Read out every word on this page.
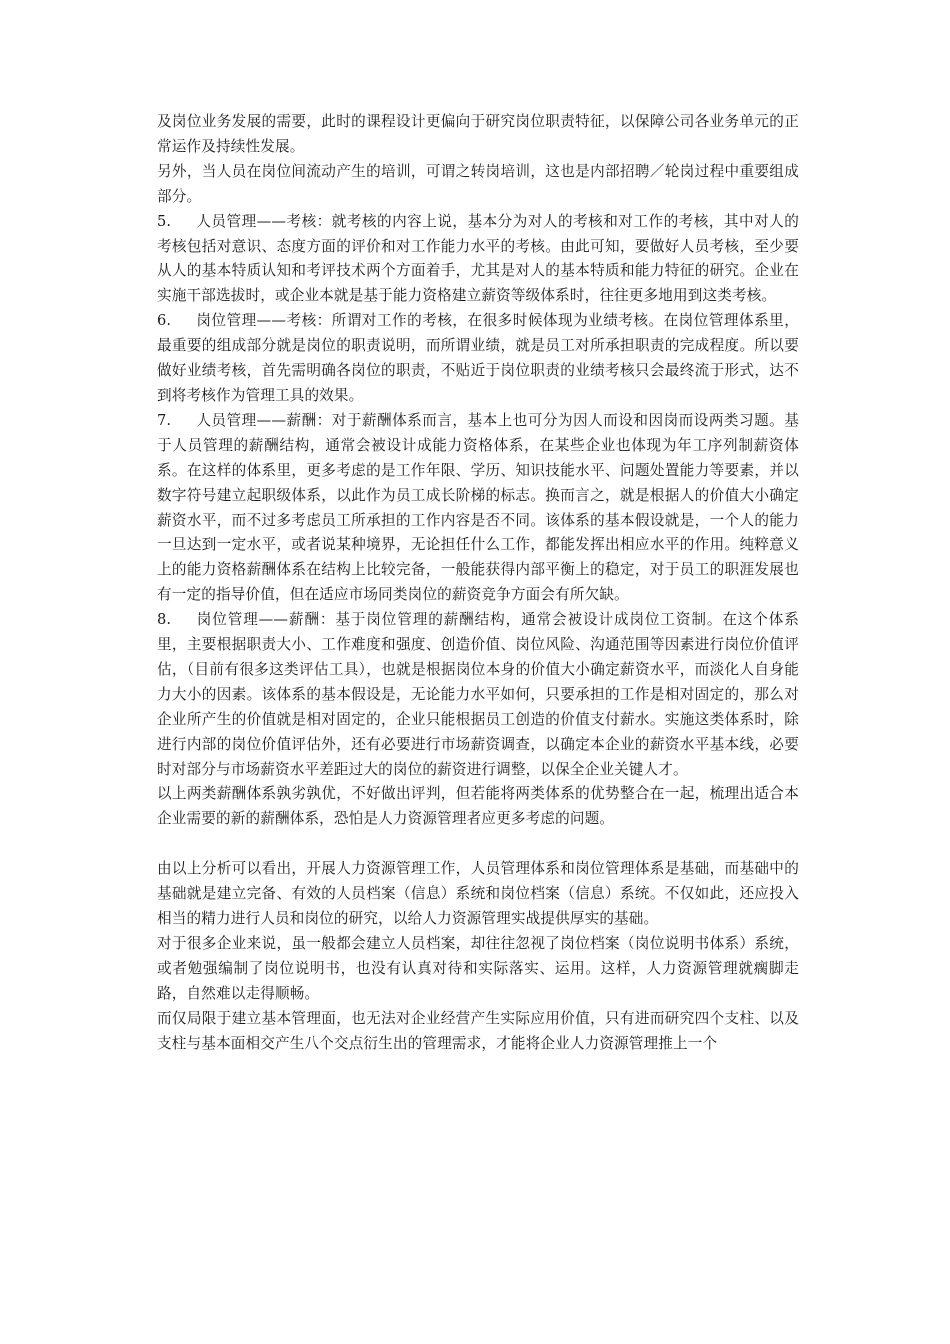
及岗位业务发展的需要，此时的课程设计更偏向于研究岗位职责特征，以保障公司各业务单元的正常运作及持续性发展。

另外，当人员在岗位间流动产生的培训，可谓之转岗培训，这也是内部招聘／轮岗过程中重要组成部分。

5. 人员管理——考核：就考核的内容上说，基本分为对人的考核和对工作的考核，其中对人的考核包括对意识、态度方面的评价和对工作能力水平的考核。由此可知，要做好人员考核，至少要从人的基本特质认知和考评技术两个方面着手，尤其是对人的基本特质和能力特征的研究。企业在实施干部选拔时，或企业本就是基于能力资格建立薪资等级体系时，往往更多地用到这类考核。

6. 岗位管理——考核：所谓对工作的考核，在很多时候体现为业绩考核。在岗位管理体系里，最重要的组成部分就是岗位的职责说明，而所谓业绩，就是员工对所承担职责的完成程度。所以要做好业绩考核，首先需明确各岗位的职责，不贴近于岗位职责的业绩考核只会最终流于形式，达不到将考核作为管理工具的效果。

7. 人员管理——薪酬：对于薪酬体系而言，基本上也可分为因人而设和因岗而设两类习题。基于人员管理的薪酬结构，通常会被设计成能力资格体系，在某些企业也体现为年工序列制薪资体系。在这样的体系里，更多考虑的是工作年限、学历、知识技能水平、问题处置能力等要素，并以数字符号建立起职级体系，以此作为员工成长阶梯的标志。换而言之，就是根据人的价值大小确定薪资水平，而不过多考虑员工所承担的工作内容是否不同。该体系的基本假设就是，一个人的能力一旦达到一定水平，或者说某种境界，无论担任什么工作，都能发挥出相应水平的作用。纯粹意义上的能力资格薪酬体系在结构上比较完备，一般能获得内部平衡上的稳定，对于员工的职涯发展也有一定的指导价值，但在适应市场同类岗位的薪资竞争方面会有所欠缺。

8. 岗位管理——薪酬：基于岗位管理的薪酬结构，通常会被设计成岗位工资制。在这个体系里，主要根据职责大小、工作难度和强度、创造价值、岗位风险、沟通范围等因素进行岗位价值评估，（目前有很多这类评估工具），也就是根据岗位本身的价值大小确定薪资水平，而淡化人自身能力大小的因素。该体系的基本假设是，无论能力水平如何，只要承担的工作是相对固定的，那么对企业所产生的价值就是相对固定的，企业只能根据员工创造的价值支付薪水。实施这类体系时，除进行内部的岗位价值评估外，还有必要进行市场薪资调查，以确定本企业的薪资水平基本线，必要时对部分与市场薪资水平差距过大的岗位的薪资进行调整，以保全企业关键人才。

以上两类薪酬体系孰劣孰优，不好做出评判，但若能将两类体系的优势整合在一起，梳理出适合本企业需要的新的薪酬体系，恐怕是人力资源管理者应更多考虑的问题。

由以上分析可以看出，开展人力资源管理工作，人员管理体系和岗位管理体系是基础，而基础中的基础就是建立完备、有效的人员档案（信息）系统和岗位档案（信息）系统。不仅如此，还应投入相当的精力进行人员和岗位的研究，以给人力资源管理实战提供厚实的基础。

对于很多企业来说，虽一般都会建立人员档案，却往往忽视了岗位档案（岗位说明书体系）系统，或者勉强编制了岗位说明书，也没有认真对待和实际落实、运用。这样，人力资源管理就瘸脚走路，自然难以走得顺畅。

而仅局限于建立基本管理面，也无法对企业经营产生实际应用价值，只有进而研究四个支柱、以及支柱与基本面相交产生八个交点衍生出的管理需求，才能将企业人力资源管理推上一个
